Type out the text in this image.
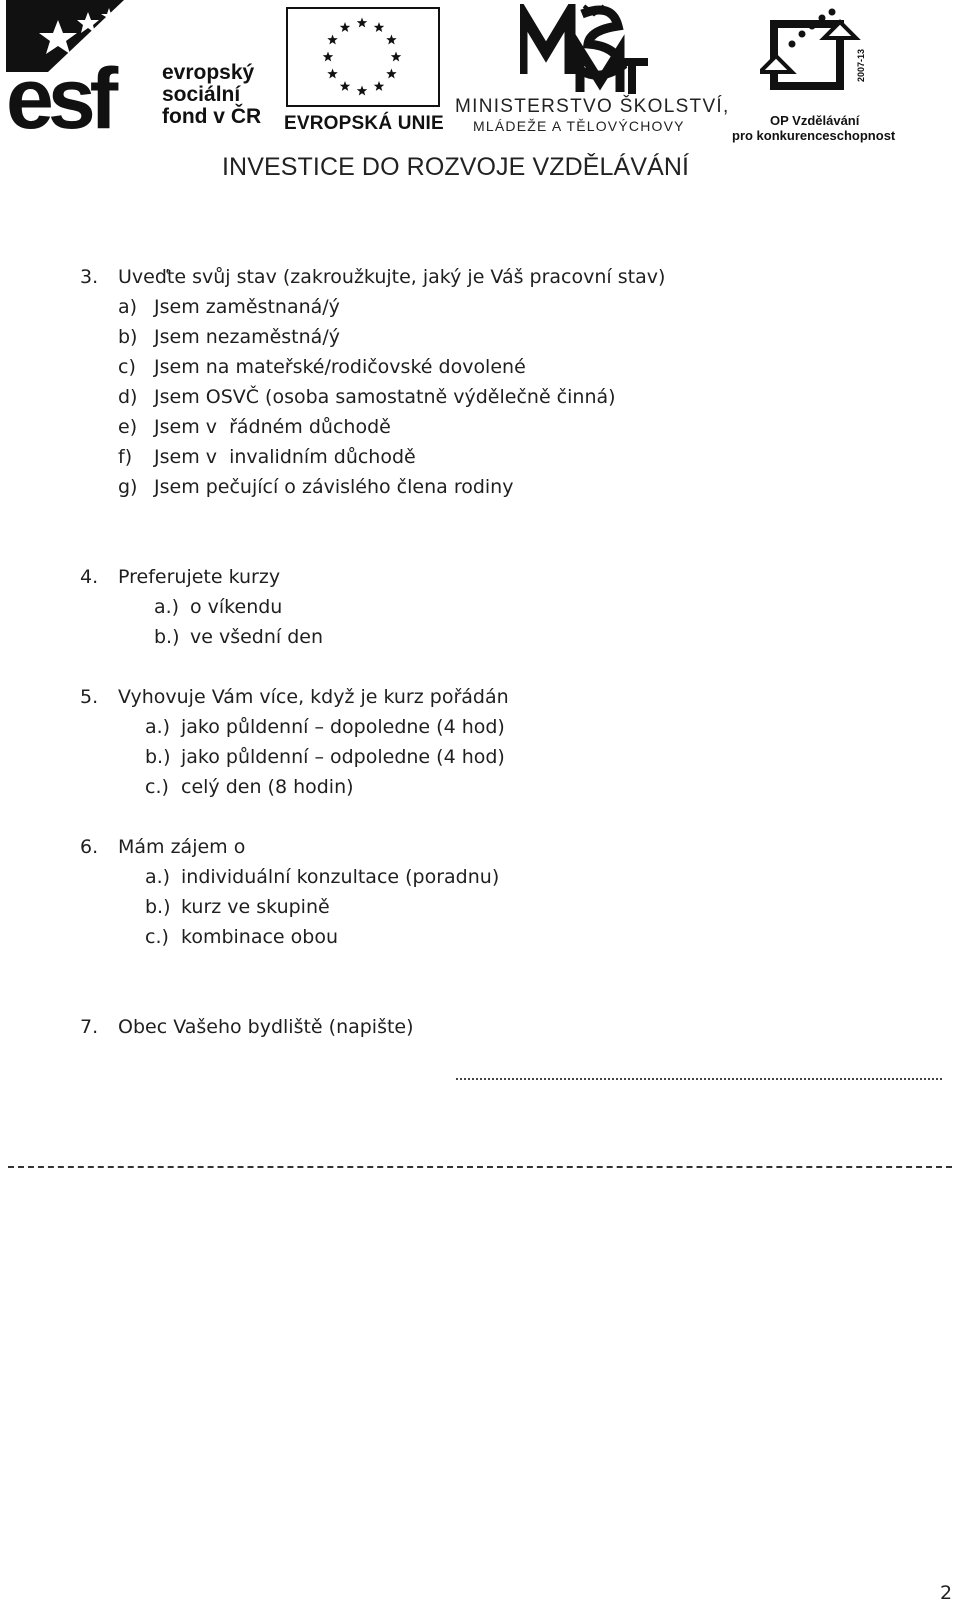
esf	evropský
sociální
fond v ČR EVROPSKÁ UNIE
MINISTERSTVO ŠKOLSTVÍ,
MLÁDEŽE A TĚLOVÝCHOVY
2007-13
OP Vzdělávání
pro konkurenceschopnost
INVESTICE DO ROZVOJE VZDĚLÁVÁNÍ
3. Uveďte svůj stav (zakroužkujte, jaký je Váš pracovní stav)
a) Jsem zaměstnaná/ý
b) Jsem nezaměstná/ý
c) Jsem na mateřské/rodičovské dovolené
d) Jsem OSVČ (osoba samostatně výdělečně činná)
e) Jsem v  řádném důchodě
f) Jsem v  invalidním důchodě
g) Jsem pečující o závislého člena rodiny
4. Preferujete kurzy
a.) o víkendu
b.) ve všední den
5. Vyhovuje Vám více, když je kurz pořádán
a.) jako půldenní – dopoledne (4 hod)
b.) jako půldenní – odpoledne (4 hod)
c.) celý den (8 hodin)
6. Mám zájem o
a.) individuální konzultace (poradnu)
b.) kurz ve skupině
c.) kombinace obou
7. Obec Vašeho bydliště (napište)
2
